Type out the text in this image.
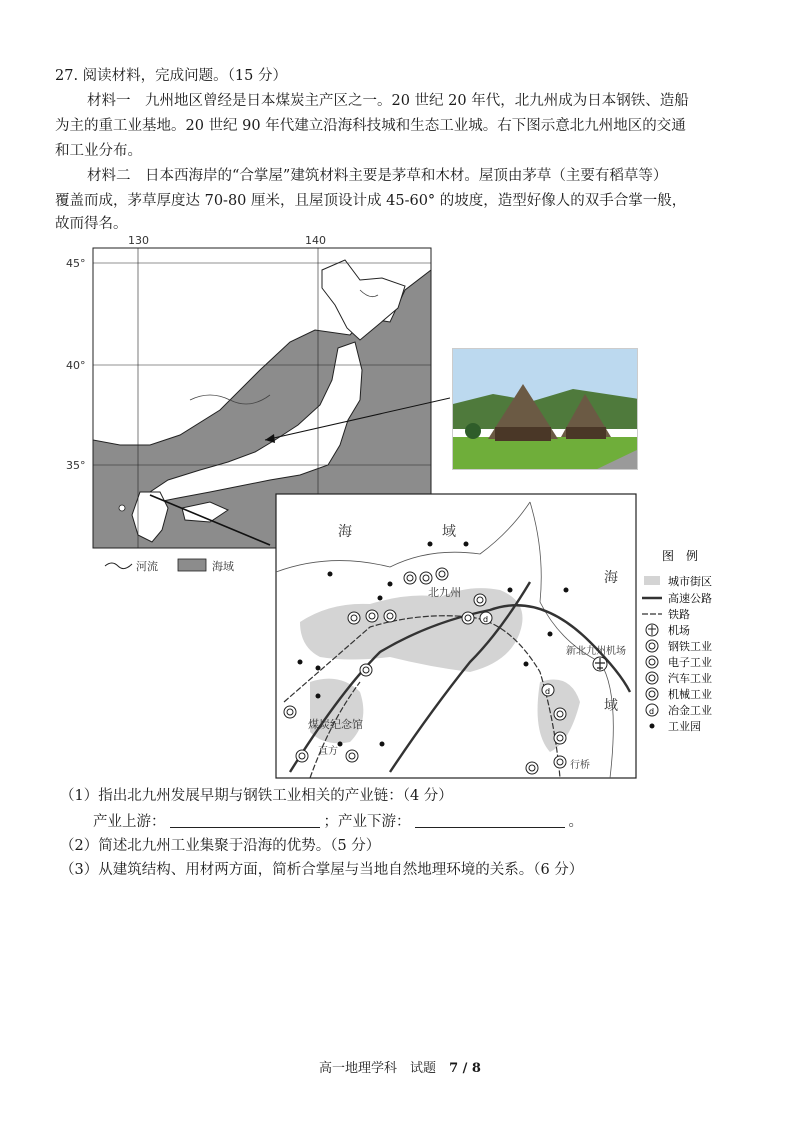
27. 阅读材料，完成问题。（15 分）
材料一　九州地区曾经是日本煤炭主产区之一。20 世纪 20 年代，北九州成为日本钢铁、造船
为主的重工业基地。20 世纪 90 年代建立沿海科技城和生态工业城。右下图示意北九州地区的交通
和工业分布。
材料二　日本西海岸的“合掌屋”建筑材料主要是茅草和木材。屋顶由茅草（主要有稻草等）
覆盖而成，茅草厚度达 70-80 厘米，且屋顶设计成 45-60° 的坡度，造型好像人的双手合掌一般，
故而得名。
130	140
45°
40°
35°
河流	海域
海	域
海
域
北九州
新北九州机场
煤炭纪念馆
直方
行桥
d
d
图　例
城市街区
高速公路
铁路
机场
钢铁工业
电子工业
汽车工业
机械工业
d 冶金工业
工业园
（1）指出北九州发展早期与钢铁工业相关的产业链：（4 分）
产业上游：	；产业下游：	。
（2）简述北九州工业集聚于沿海的优势。（5 分）
（3）从建筑结构、用材两方面，简析合掌屋与当地自然地理环境的关系。（6 分）
高一地理学科　试题　7 / 8
